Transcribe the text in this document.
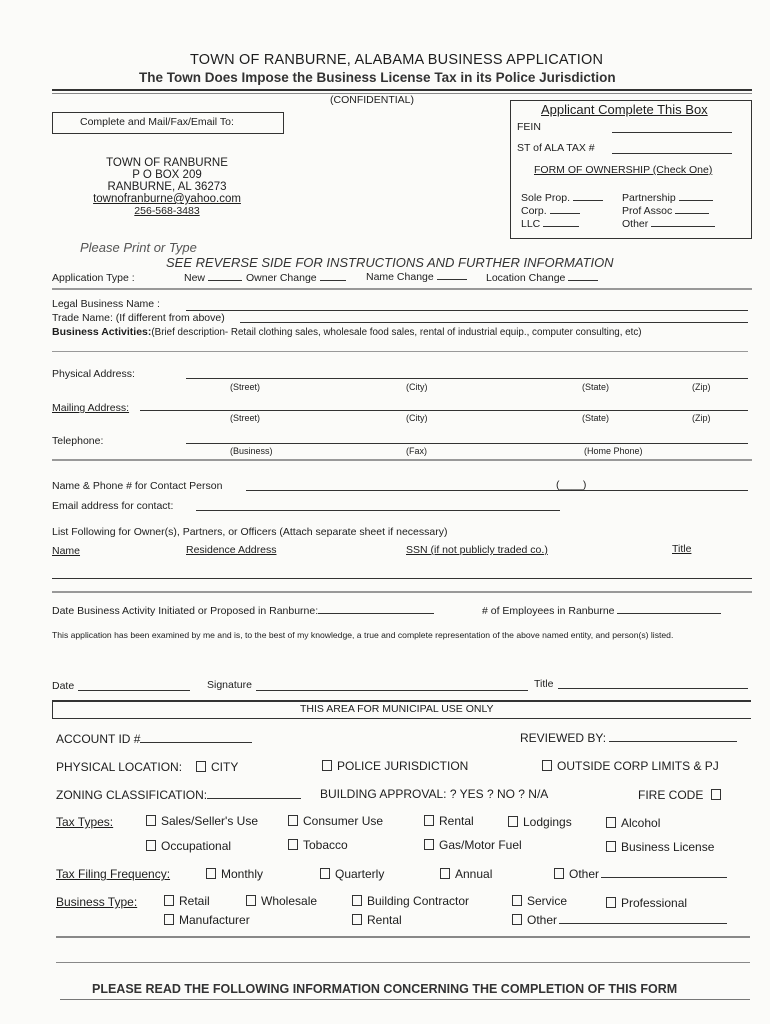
TOWN OF RANBURNE, ALABAMA BUSINESS APPLICATION
The Town Does Impose the Business License Tax in its Police Jurisdiction
(CONFIDENTIAL)
Complete and Mail/Fax/Email To:
TOWN OF RANBURNE
P O BOX 209
RANBURNE, AL 36273
townofranburne@yahoo.com
256-568-3483
Applicant Complete This Box
FEIN
ST of ALA TAX #
FORM OF OWNERSHIP (Check One)
Sole Prop.	Partnership
Corp.	Prof Assoc
LLC	Other
Please Print or Type
SEE REVERSE SIDE FOR INSTRUCTIONS AND FURTHER INFORMATION
Application Type :	New	Owner Change	Name Change	Location Change
Legal Business Name :
Trade Name: (If different from above)
Business Activities:(Brief description- Retail clothing sales, wholesale food sales, rental of industrial equip., computer consulting, etc)
Physical Address:
(Street)	(City)	(State)	(Zip)
Mailing Address:
(Street)	(City)	(State)	(Zip)
Telephone:
(Business)	(Fax)	(Home Phone)
Name & Phone # for Contact Person	(____)
Email address for contact:
List Following for Owner(s), Partners, or Officers (Attach separate sheet if necessary)
Name	Residence Address	SSN (if not publicly traded co.)	Title
Date Business Activity Initiated or Proposed in Ranburne:	# of Employees in Ranburne
This application has been examined by me and is, to the best of my knowledge, a true and complete representation of the above named entity, and person(s) listed.
Date	Signature	Title
THIS AREA FOR MUNICIPAL USE ONLY
ACCOUNT ID #	REVIEWED BY:
PHYSICAL LOCATION:	CITY	POLICE JURISDICTION	OUTSIDE CORP LIMITS & PJ
ZONING CLASSIFICATION:	BUILDING APPROVAL: ? YES ? NO ? N/A	FIRE CODE
Tax Types:	Sales/Seller's Use	Consumer Use	Rental	Lodgings	Alcohol
Occupational	Tobacco	Gas/Motor Fuel	Business License
Tax Filing Frequency:	Monthly	Quarterly	Annual	Other
Business Type:	Retail	Wholesale	Building Contractor	Service	Professional
Manufacturer	Rental	Other
PLEASE READ THE FOLLOWING INFORMATION CONCERNING THE COMPLETION OF THIS FORM
